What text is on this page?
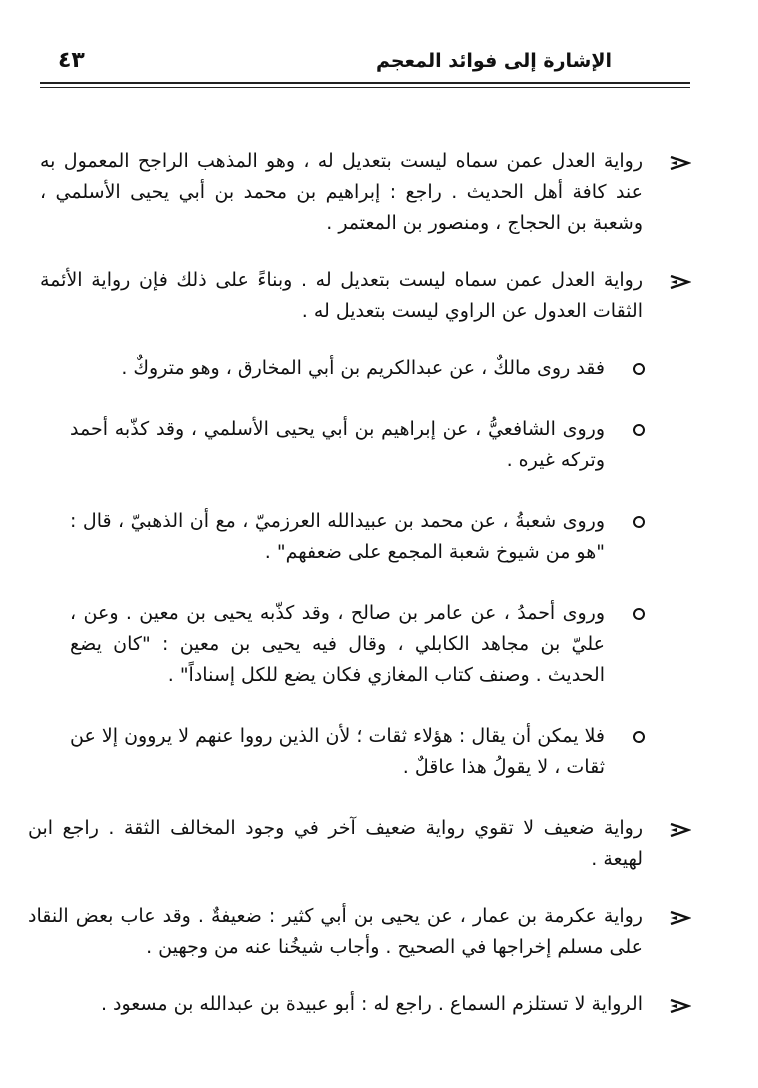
الإشارة إلى فوائد المعجم
٤٣
رواية العدل عمن سماه ليست بتعديل له ، وهو المذهب الراجح المعمول به عند كافة أهل الحديث . راجع : إبراهيم بن محمد بن أبي يحيى الأسلمي ، وشعبة بن الحجاج ، ومنصور بن المعتمر .
رواية العدل عمن سماه ليست بتعديل له . وبناءً على ذلك فإن رواية الأئمة الثقات العدول عن الراوي ليست بتعديل له .
فقد روى مالكٌ ، عن عبدالكريم بن أبي المخارق ، وهو متروكٌ .
وروى الشافعيُّ ، عن إبراهيم بن أبي يحيى الأسلمي ، وقد كذّبه أحمد وتركه غيره .
وروى شعبةُ ، عن محمد بن عبيدالله العرزميّ ، مع أن الذهبيّ ، قال : "هو من شيوخ شعبة المجمع على ضعفهم" .
وروى أحمدُ ، عن عامر بن صالح ، وقد كذّبه يحيى بن معين . وعن ، عليّ بن مجاهد الكابلي ، وقال فيه يحيى بن معين : "كان يضع الحديث . وصنف كتاب المغازي فكان يضع للكل إسناداً" .
فلا يمكن أن يقال : هؤلاء ثقات ؛ لأن الذين رووا عنهم لا يروون إلا عن ثقات ، لا يقولُ هذا عاقلٌ .
رواية ضعيف لا تقوي رواية ضعيف آخر في وجود المخالف الثقة . راجع ابن لهيعة .
رواية عكرمة بن عمار ، عن يحيى بن أبي كثير : ضعيفةٌ . وقد عاب بعض النقاد على مسلم إخراجها في الصحيح . وأجاب شيخُنا عنه من وجهين .
الرواية لا تستلزم السماع . راجع له : أبو عبيدة بن عبدالله بن مسعود .
